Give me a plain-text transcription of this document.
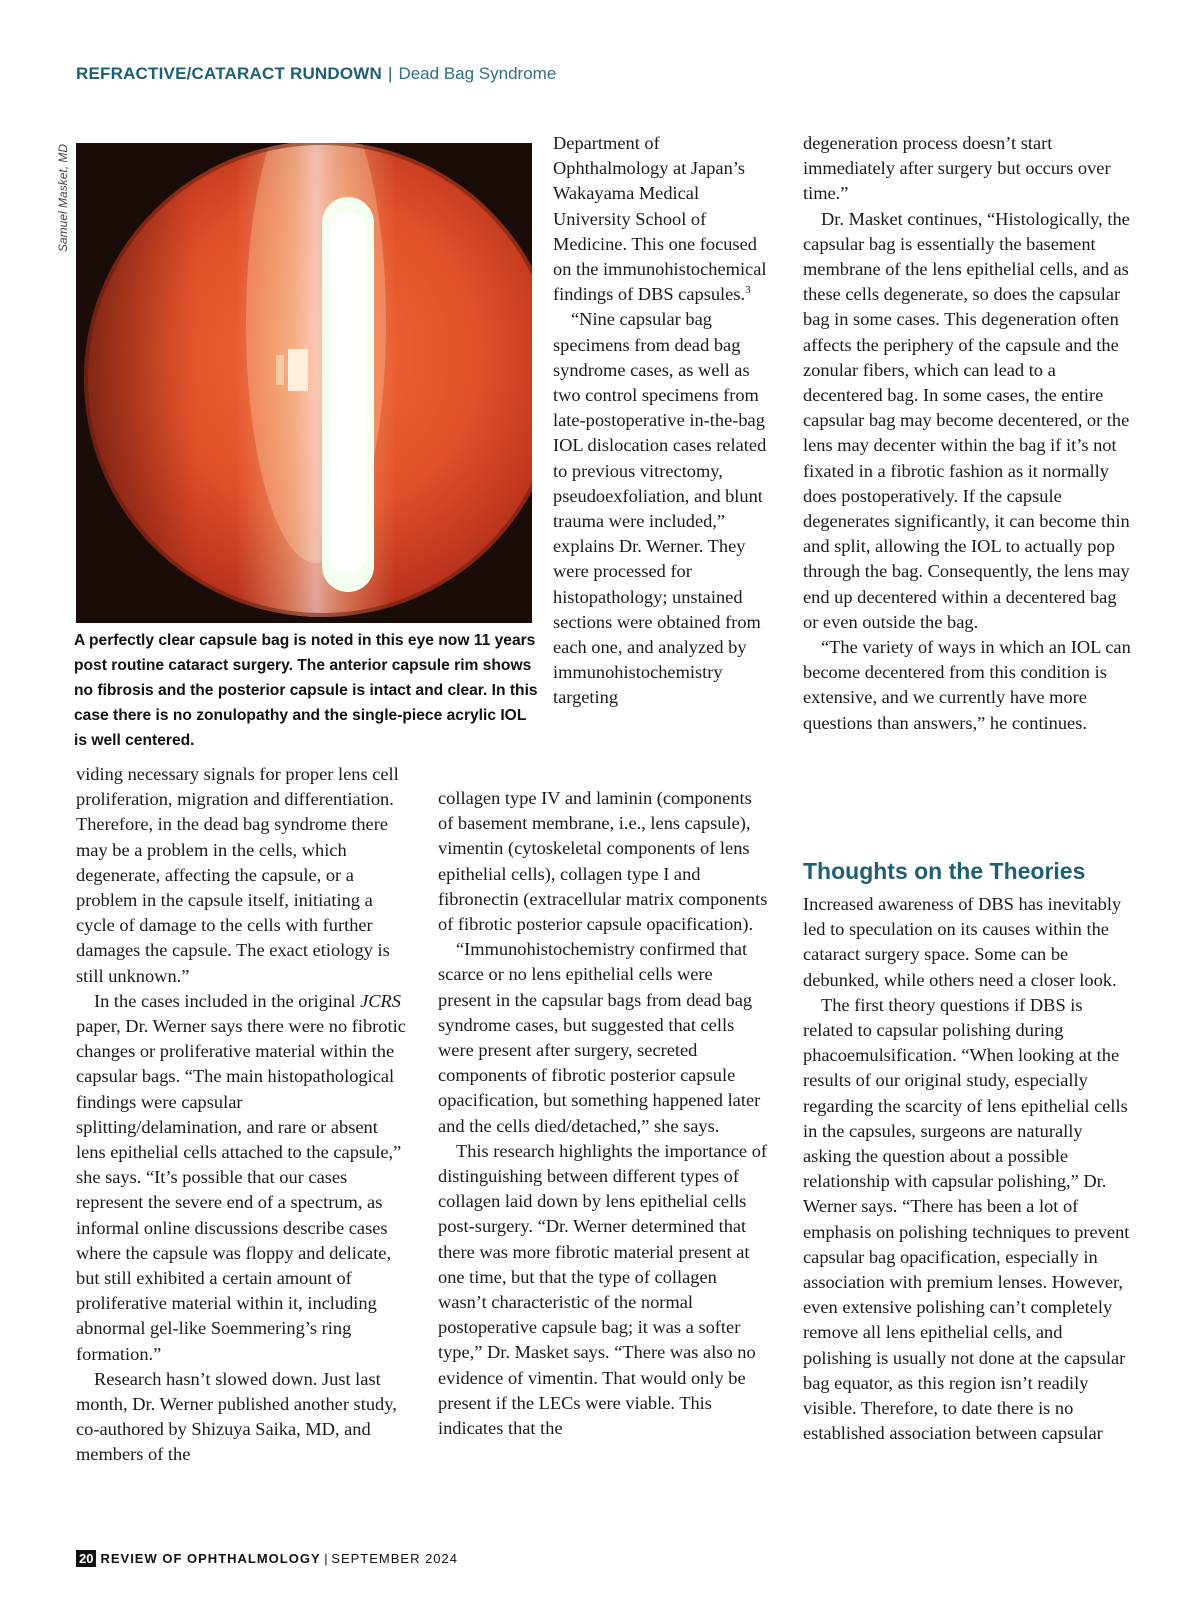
REFRACTIVE/CATARACT RUNDOWN | Dead Bag Syndrome
Samuel Masket, MD
A perfectly clear capsule bag is noted in this eye now 11 years post routine cataract surgery. The anterior capsule rim shows no fibrosis and the posterior capsule is intact and clear. In this case there is no zonulopathy and the single-piece acrylic IOL is well centered.

viding necessary signals for proper lens cell proliferation, migration and differentiation. Therefore, in the dead bag syndrome there may be a problem in the cells, which degenerate, affecting the capsule, or a problem in the capsule itself, initiating a cycle of damage to the cells with further damages the capsule. The exact etiology is still unknown.”

In the cases included in the original JCRS paper, Dr. Werner says there were no fibrotic changes or proliferative material within the capsular bags. “The main histopathological findings were capsular splitting/delamination, and rare or absent lens epithelial cells attached to the capsule,” she says. “It’s possible that our cases represent the severe end of a spectrum, as informal online discussions describe cases where the capsule was floppy and delicate, but still exhibited a certain amount of proliferative material within it, including abnormal gel-like Soemmering’s ring formation.”

Research hasn’t slowed down. Just last month, Dr. Werner published another study, co-authored by Shizuya Saika, MD, and members of the

Department of Ophthalmology at Japan’s Wakayama Medical University School of Medicine. This one focused on the immunohistochemical findings of DBS capsules.$^3$

“Nine capsular bag specimens from dead bag syndrome cases, as well as two control specimens from late-postoperative in-the-bag IOL dislocation cases related to previous vitrectomy, pseudoexfoliation, and blunt trauma were included,” explains Dr. Werner. They were processed for histopathology; unstained sections were obtained from each one, and analyzed by immunohistochemistry targeting

collagen type IV and laminin (components of basement membrane, i.e., lens capsule), vimentin (cytoskeletal components of lens epithelial cells), collagen type I and fibronectin (extracellular matrix components of fibrotic posterior capsule opacification).

“Immunohistochemistry confirmed that scarce or no lens epithelial cells were present in the capsular bags from dead bag syndrome cases, but suggested that cells were present after surgery, secreted components of fibrotic posterior capsule opacification, but something happened later and the cells died/detached,” she says.

This research highlights the importance of distinguishing between different types of collagen laid down by lens epithelial cells post-surgery. “Dr. Werner determined that there was more fibrotic material present at one time, but that the type of collagen wasn’t characteristic of the normal postoperative capsule bag; it was a softer type,” Dr. Masket says. “There was also no evidence of vimentin. That would only be present if the LECs were viable. This indicates that the

degeneration process doesn’t start immediately after surgery but occurs over time.”

Dr. Masket continues, “Histologically, the capsular bag is essentially the basement membrane of the lens epithelial cells, and as these cells degenerate, so does the capsular bag in some cases. This degeneration often affects the periphery of the capsule and the zonular fibers, which can lead to a decentered bag. In some cases, the entire capsular bag may become decentered, or the lens may decenter within the bag if it’s not fixated in a fibrotic fashion as it normally does postoperatively. If the capsule degenerates significantly, it can become thin and split, allowing the IOL to actually pop through the bag. Consequently, the lens may end up decentered within a decentered bag or even outside the bag.

“The variety of ways in which an IOL can become decentered from this condition is extensive, and we currently have more questions than answers,” he continues.

Thoughts on the Theories

Increased awareness of DBS has inevitably led to speculation on its causes within the cataract surgery space. Some can be debunked, while others need a closer look.

The first theory questions if DBS is related to capsular polishing during phacoemulsification. “When looking at the results of our original study, especially regarding the scarcity of lens epithelial cells in the capsules, surgeons are naturally asking the question about a possible relationship with capsular polishing,” Dr. Werner says. “There has been a lot of emphasis on polishing techniques to prevent capsular bag opacification, especially in association with premium lenses. However, even extensive polishing can’t completely remove all lens epithelial cells, and polishing is usually not done at the capsular bag equator, as this region isn’t readily visible. Therefore, to date there is no established association between capsular

20 REVIEW OF OPHTHALMOLOGY | SEPTEMBER 2024
